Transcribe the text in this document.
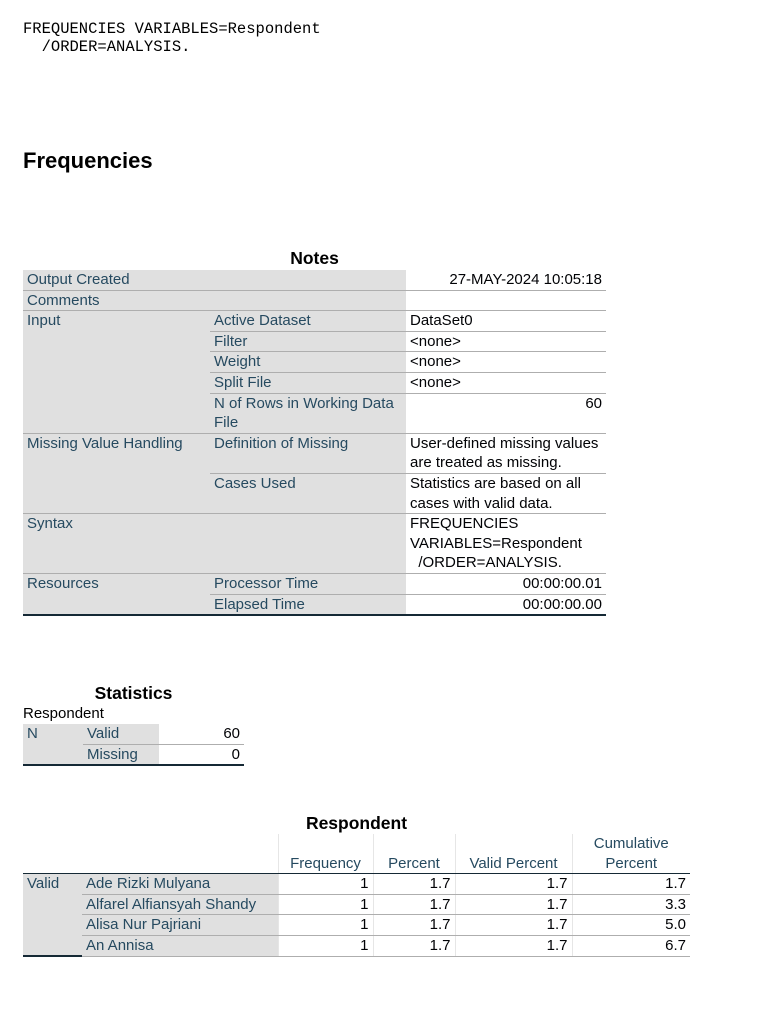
FREQUENCIES VARIABLES=Respondent
/ORDER=ANALYSIS.
Frequencies
Notes
Output Created		27-MAY-2024 10:05:18
Comments		
Input	Active Dataset	DataSet0
	Filter	<none>
	Weight	<none>
	Split File	<none>
	N of Rows in Working Data File	60
Missing Value Handling	Definition of Missing	User-defined missing values are treated as missing.
	Cases Used	Statistics are based on all cases with valid data.
Syntax		FREQUENCIES VARIABLES=Respondent
/ORDER=ANALYSIS.
Resources	Processor Time	00:00:00.01
	Elapsed Time	00:00:00.00
Statistics
Respondent
N	Valid	60
	Missing	0
Respondent
		Frequency	Percent	Valid Percent	Cumulative Percent
Valid	Ade Rizki Mulyana	1	1.7	1.7	1.7
	Alfarel Alfiansyah Shandy	1	1.7	1.7	3.3
	Alisa Nur Pajriani	1	1.7	1.7	5.0
	An Annisa	1	1.7	1.7	6.7
